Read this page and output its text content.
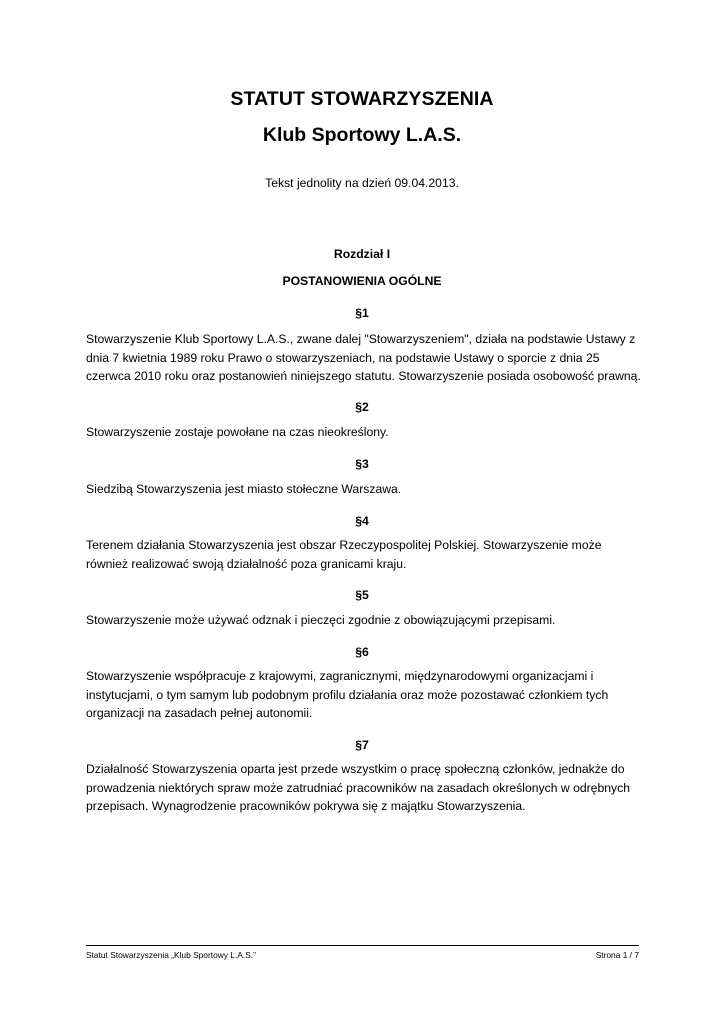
STATUT STOWARZYSZENIA
Klub Sportowy L.A.S.
Tekst jednolity na dzień 09.04.2013.
Rozdział I
POSTANOWIENIA OGÓLNE
§1
Stowarzyszenie Klub Sportowy L.A.S., zwane dalej "Stowarzyszeniem", działa na podstawie Ustawy z dnia 7 kwietnia 1989 roku Prawo o stowarzyszeniach, na podstawie Ustawy o sporcie z dnia 25 czerwca 2010 roku oraz postanowień niniejszego statutu. Stowarzyszenie posiada osobowość prawną.
§2
Stowarzyszenie zostaje powołane na czas nieokreślony.
§3
Siedzibą Stowarzyszenia jest miasto stołeczne Warszawa.
§4
Terenem działania Stowarzyszenia jest obszar Rzeczypospolitej Polskiej. Stowarzyszenie może również realizować swoją działalność poza granicami kraju.
§5
Stowarzyszenie może używać odznak i pieczęci zgodnie z obowiązującymi przepisami.
§6
Stowarzyszenie współpracuje z krajowymi, zagranicznymi, międzynarodowymi organizacjami i instytucjami, o tym samym lub podobnym profilu działania oraz może pozostawać członkiem tych organizacji na zasadach pełnej autonomii.
§7
Działalność Stowarzyszenia oparta jest przede wszystkim o pracę społeczną członków, jednakże do prowadzenia niektórych spraw może zatrudniać pracowników na zasadach określonych w odrębnych przepisach. Wynagrodzenie pracowników pokrywa się z majątku Stowarzyszenia.
Statut Stowarzyszenia „Klub Sportowy L.A.S.”	Strona 1 / 7
